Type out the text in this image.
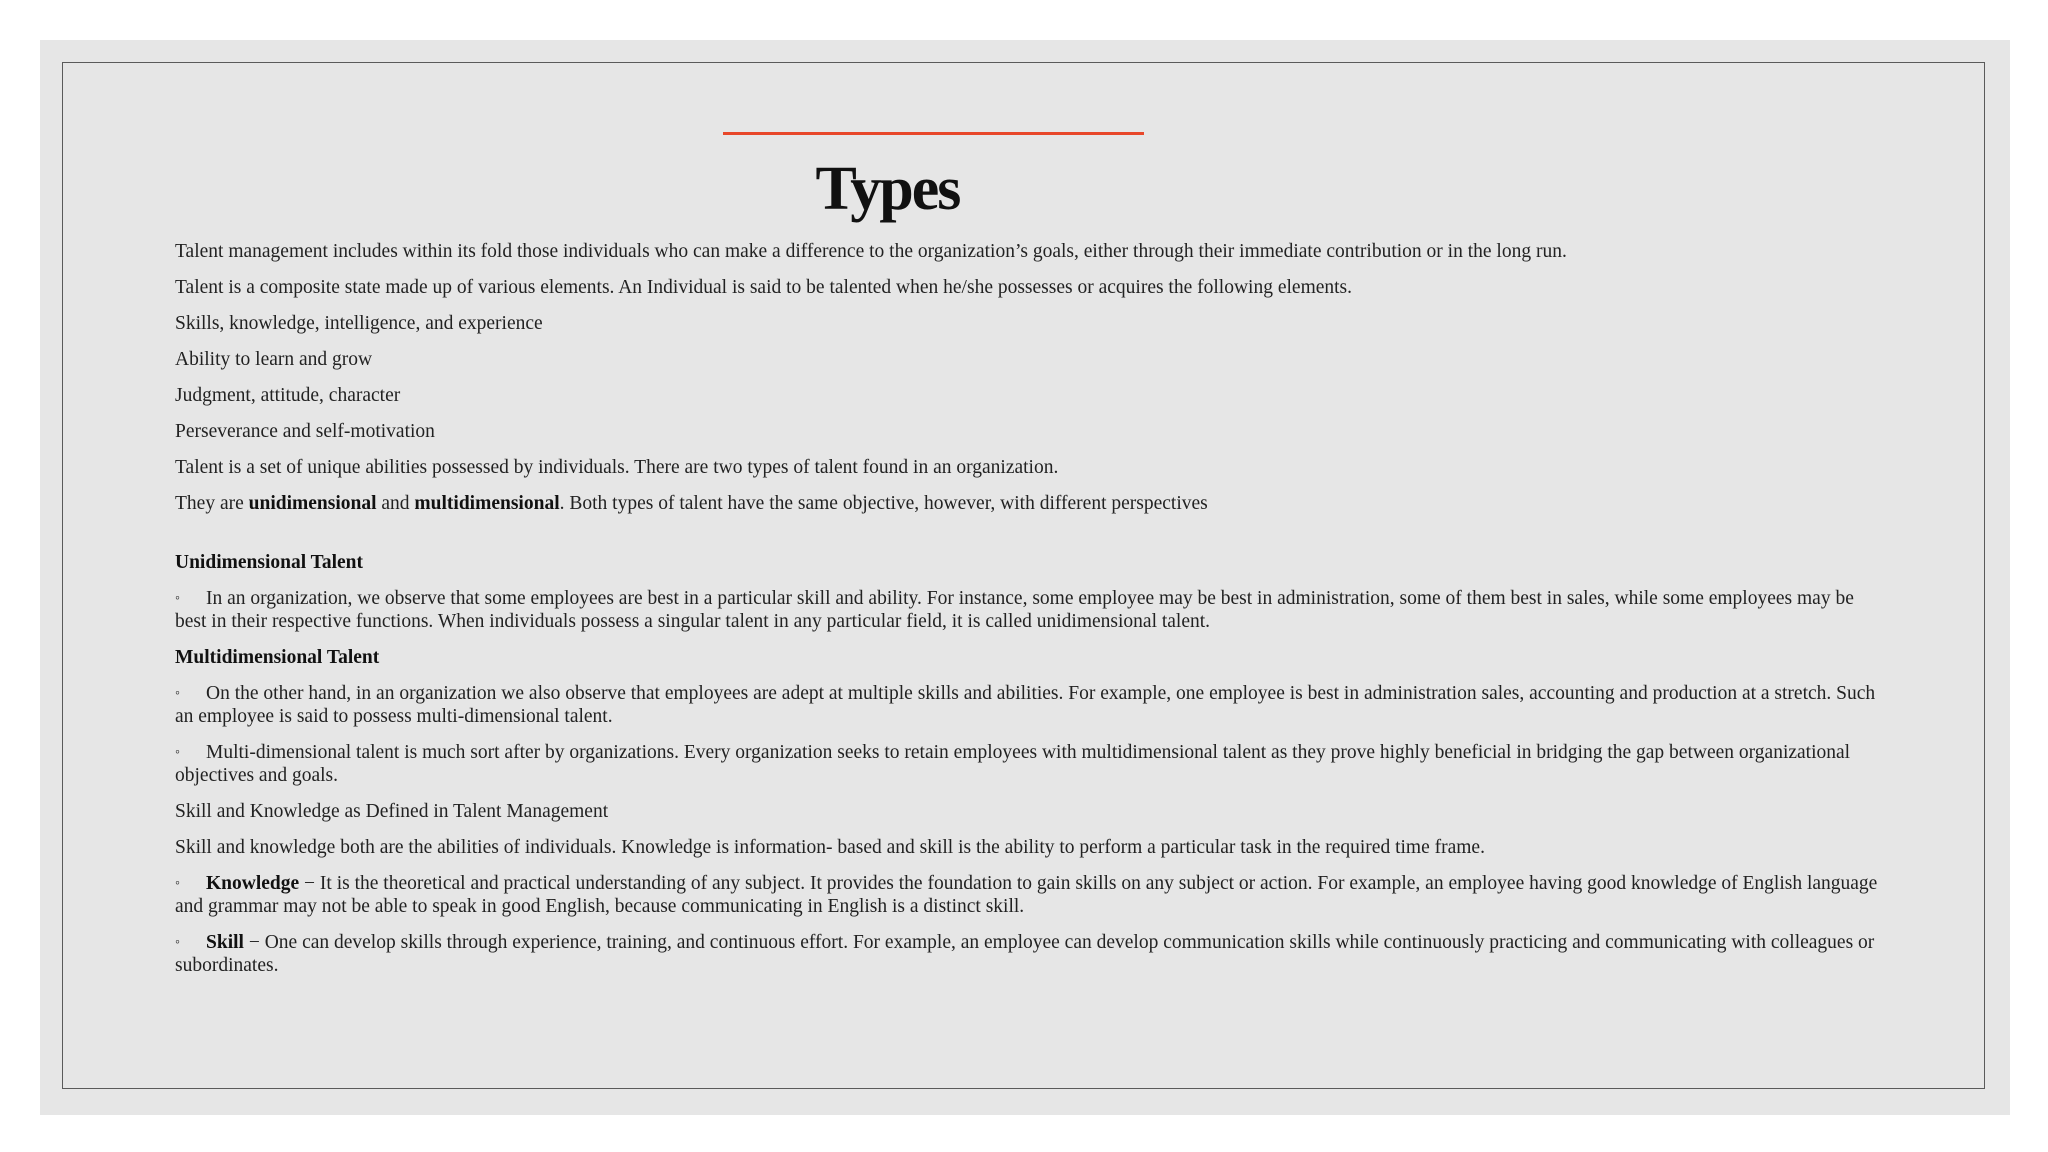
Types

Talent management includes within its fold those individuals who can make a difference to the organization’s goals, either through their immediate contribution or in the long run.

Talent is a composite state made up of various elements. An Individual is said to be talented when he/she possesses or acquires the following elements.

Skills, knowledge, intelligence, and experience

Ability to learn and grow

Judgment, attitude, character

Perseverance and self-motivation

Talent is a set of unique abilities possessed by individuals. There are two types of talent found in an organization.

They are unidimensional and multidimensional. Both types of talent have the same objective, however, with different perspectives

Unidimensional Talent

◦ In an organization, we observe that some employees are best in a particular skill and ability. For instance, some employee may be best in administration, some of them best in sales, while some employees may be best in their respective functions. When individuals possess a singular talent in any particular field, it is called unidimensional talent.

Multidimensional Talent

◦ On the other hand, in an organization we also observe that employees are adept at multiple skills and abilities. For example, one employee is best in administration sales, accounting and production at a stretch. Such an employee is said to possess multi-dimensional talent.

◦ Multi-dimensional talent is much sort after by organizations. Every organization seeks to retain employees with multidimensional talent as they prove highly beneficial in bridging the gap between organizational objectives and goals.

Skill and Knowledge as Defined in Talent Management

Skill and knowledge both are the abilities of individuals. Knowledge is information- based and skill is the ability to perform a particular task in the required time frame.

◦ Knowledge − It is the theoretical and practical understanding of any subject. It provides the foundation to gain skills on any subject or action. For example, an employee having good knowledge of English language and grammar may not be able to speak in good English, because communicating in English is a distinct skill.

◦ Skill − One can develop skills through experience, training, and continuous effort. For example, an employee can develop communication skills while continuously practicing and communicating with colleagues or subordinates.
